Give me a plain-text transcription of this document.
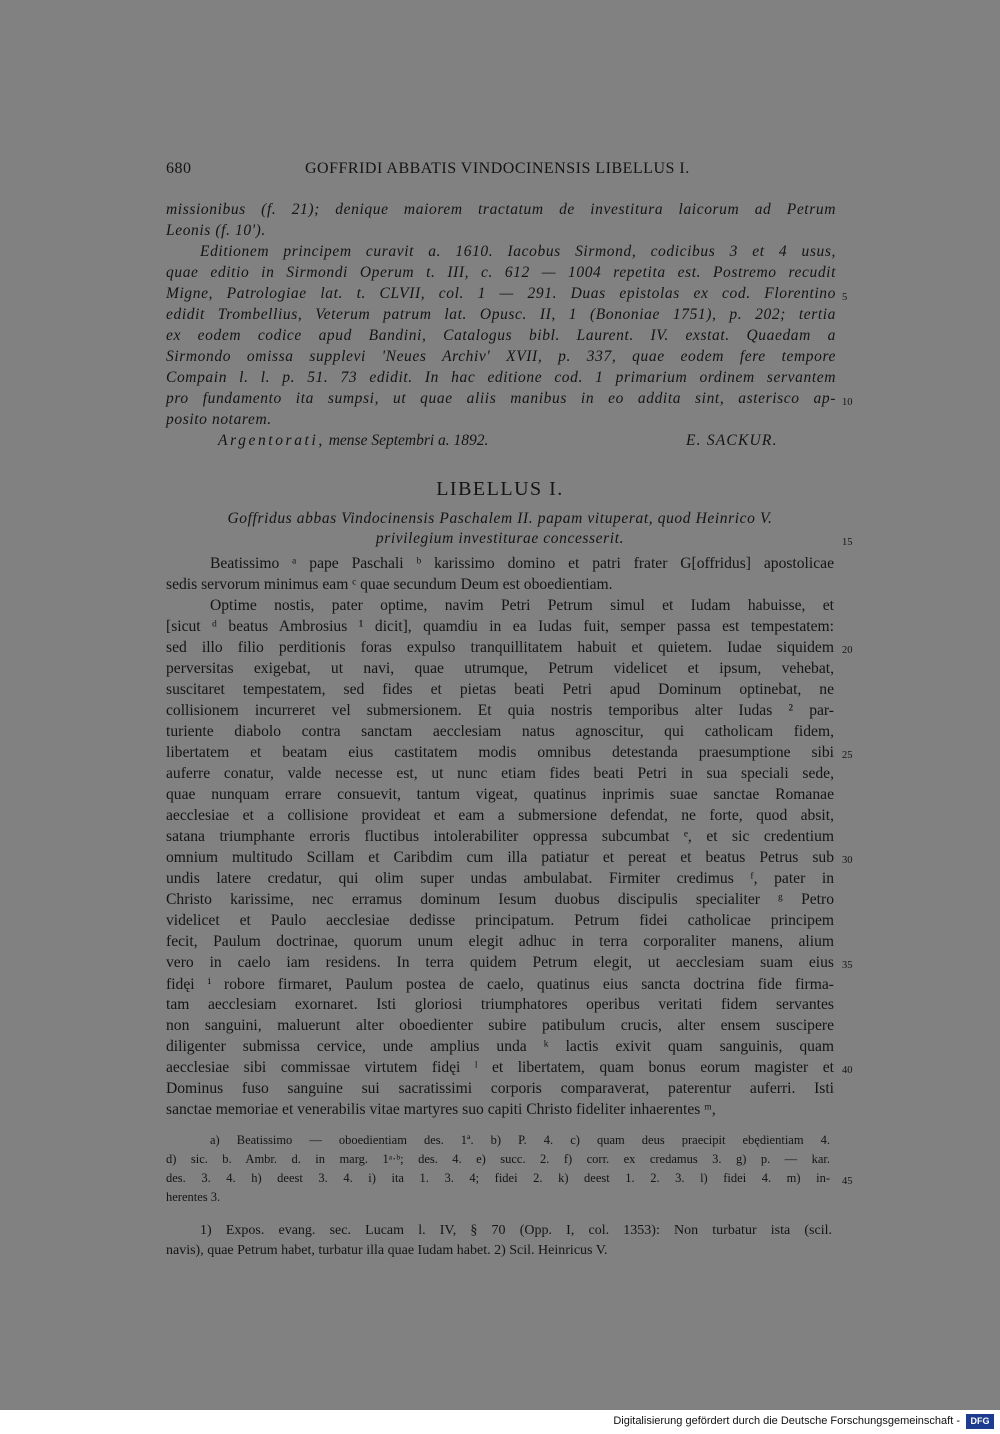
680	GOFFRIDI ABBATIS VINDOCINENSIS LIBELLUS I.
missionibus (f. 21); denique maiorem tractatum de investitura laicorum ad Petrum
Leonis (f. 10').
Editionem principem curavit a. 1610. Iacobus Sirmond, codicibus 3 et 4 usus,
quae editio in Sirmondi Operum t. III, c. 612 — 1004 repetita est. Postremo recudit
Migne, Patrologiae lat. t. CLVII, col. 1 — 291. Duas epistolas ex cod. Florentino
edidit Trombellius, Veterum patrum lat. Opusc. II, 1 (Bononiae 1751), p. 202; tertia
ex eodem codice apud Bandini, Catalogus bibl. Laurent. IV. exstat. Quaedam a
Sirmondo omissa supplevi 'Neues Archiv' XVII, p. 337, quae eodem fere tempore
Compain l. l. p. 51. 73 edidit. In hac editione cod. 1 primarium ordinem servantem
pro fundamento ita sumpsi, ut quae aliis manibus in eo addita sint, asterisco ap-
posito notarem.
Argentorati, mense Septembri a. 1892.	E. SACKUR.
LIBELLUS I.
Goffridus abbas Vindocinensis Paschalem II. papam vituperat, quod Heinrico V.
privilegium investiturae concesserit.
Beatissimo ᵃ pape Paschali ᵇ karissimo domino et patri frater G[offridus] apostolicae
sedis servorum minimus eam ᶜ quae secundum Deum est oboedientiam.
Optime nostis, pater optime, navim Petri Petrum simul et Iudam habuisse, et
[sicut ᵈ beatus Ambrosius ¹ dicit], quamdiu in ea Iudas fuit, semper passa est tempestatem:
sed illo filio perditionis foras expulso tranquillitatem habuit et quietem. Iudae siquidem
perversitas exigebat, ut navi, quae utrumque, Petrum videlicet et ipsum, vehebat,
suscitaret tempestatem, sed fides et pietas beati Petri apud Dominum optinebat, ne
collisionem incurreret vel submersionem. Et quia nostris temporibus alter Iudas ² par-
turiente diabolo contra sanctam aecclesiam natus agnoscitur, qui catholicam fidem,
libertatem et beatam eius castitatem modis omnibus detestanda praesumptione sibi
auferre conatur, valde necesse est, ut nunc etiam fides beati Petri in sua speciali sede,
quae nunquam errare consuevit, tantum vigeat, quatinus inprimis suae sanctae Romanae
aecclesiae et a collisione provideat et eam a submersione defendat, ne forte, quod absit,
satana triumphante erroris fluctibus intolerabiliter oppressa subcumbat ᵉ, et sic credentium
omnium multitudo Scillam et Caribdim cum illa patiatur et pereat et beatus Petrus sub
undis latere credatur, qui olim super undas ambulabat. Firmiter credimus ᶠ, pater in
Christo karissime, nec erramus dominum Iesum duobus discipulis specialiter ᵍ Petro
videlicet et Paulo aecclesiae dedisse principatum. Petrum fidei catholicae principem
fecit, Paulum doctrinae, quorum unum elegit adhuc in terra corporaliter manens, alium
vero in caelo iam residens. In terra quidem Petrum elegit, ut aecclesiam suam eius
fidęi ⁱ robore firmaret, Paulum postea de caelo, quatinus eius sancta doctrina fide firma-
tam aecclesiam exornaret. Isti gloriosi triumphatores operibus veritati fidem servantes
non sanguini, maluerunt alter oboedienter subire patibulum crucis, alter ensem suscipere
diligenter submissa cervice, unde amplius unda ᵏ lactis exivit quam sanguinis, quam
aecclesiae sibi commissae virtutem fidęi ˡ et libertatem, quam bonus eorum magister et
Dominus fuso sanguine sui sacratissimi corporis comparaverat, paterentur auferri. Isti
sanctae memoriae et venerabilis vitae martyres suo capiti Christo fideliter inhaerentes ᵐ,
5
10
15
20
25
30
35
40
45
a) Beatissimo — oboedientiam des. 1ª. b) P. 4. c) quam deus praecipit ebędientiam 4.
d) sic. b. Ambr. d. in marg. 1ᵃ·ᵇ; des. 4. e) succ. 2. f) corr. ex credamus 3. g) p. — kar.
des. 3. 4. h) deest 3. 4. i) ita 1. 3. 4; fidei 2. k) deest 1. 2. 3. l) fidei 4. m) in-
herentes 3.
1) Expos. evang. sec. Lucam l. IV, § 70 (Opp. I, col. 1353): Non turbatur ista (scil.
navis), quae Petrum habet, turbatur illa quae Iudam habet. 2) Scil. Heinricus V.
Digitalisierung gefördert durch die Deutsche Forschungsgemeinschaft -	DFG
